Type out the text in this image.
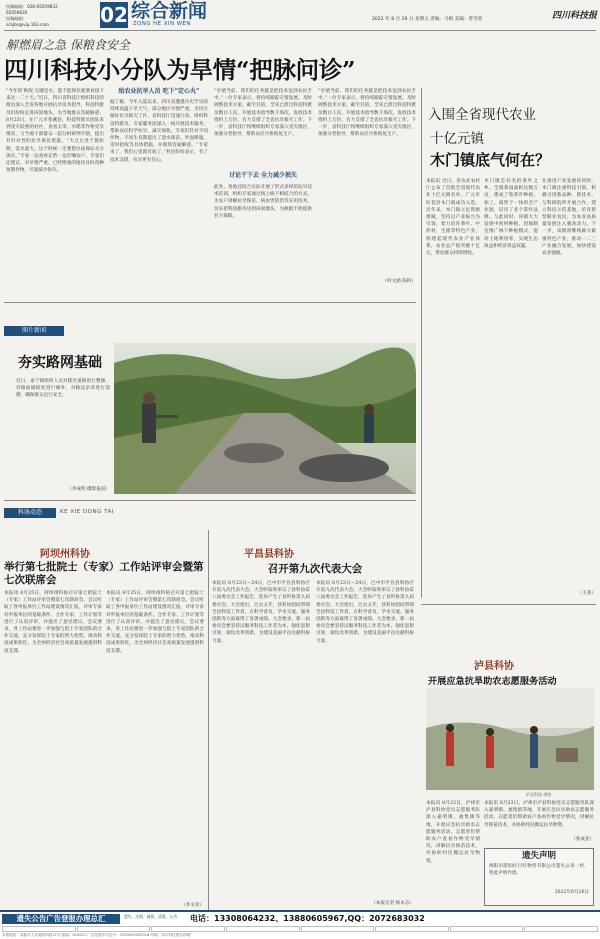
投稿邮箱：028-65059832 65059830
投稿邮箱：sckjbs@vip.163.com	02 综合新闻
ZONG HE XIN WEN
2022 年 8 月 26 日 星期五 责编：马梅 美编：曾雪瑶	四川科技报
解燃眉之急 保粮食安全
四川科技小分队为旱情“把脉问诊”
“今年的‘秋收’关键是水，能不能保住就要看接下来这一二十天。”近日，四川省科技厅组织科技特派员深入全省各地开展抗旱技术指导，科技特派员们纷纷走进田间地头，为当地群众答疑解惑。8月23日，在广元市苍溪县，科技特派员团队来到受灾较重的村社，查看玉米、水稻等作物受旱情况，与当地干部群众一起分析研判灾情，提出有针对性的抗旱保苗措施。“大豆正处于鼓粒期，需水量大，这个时候一定要想办法保证水分供应。”专家一边查看长势一边叮嘱农户。专家们还建议，对旱情严重、已经绝收的地块及时改种短期作物，尽量减少损失。
给农业抗旱人员 吃下“定心丸”
据了解，今年入夏以来，四川省遭遇历史罕见的持续高温干旱天气，部分地区旱情严重。为切实做好抗旱救灾工作，省科技厅迅速行动，组织科技特派员、专家服务团深入一线开展技术服务，帮助农民科学抗旱、减灾保收。专家们针对不同作物、不同生育期提出了浇水保苗、叶面喷施、适时抢收等具体措施，并现场答疑解惑。“专家来了，我们心里就有底了。”村民纷纷表示，有了技术支撑，抗旱更有信心。
“旱情当前，我们的任务就是把技术送到农民手中。”一位专家表示，将持续跟踪灾情发展，及时调整技术方案。截至目前，全省已派出科技特派员数百人次，开展技术指导数千场次，发放技术资料上万份，有力支撑了全省抗旱救灾工作。下一步，省科技厅将继续组织专家深入受灾地区，加强分类指导，帮助农民尽快恢复生产。
讨论干下去 全力减少损失
此外，各地还结合实际开展了形式多样的抗旱技术培训，组织专家通过线上线下相结合的方式，为农户讲解抗旱保苗、病虫害防治等实用技术，切实把科技服务送到田间地头，为秋粮丰收提供有力保障。
“旱情当前，我们的任务就是把技术送到农民手中。”一位专家表示，将持续跟踪灾情发展，及时调整技术方案。截至目前，全省已派出科技特派员数百人次，开展技术指导数千场次，发放技术资料上万份，有力支撑了全省抗旱救灾工作。下一步，省科技厅将继续组织专家深入受灾地区，加强分类指导，帮助农民尽快恢复生产。
（何文涵 陈科）
图片新闻
夯实路网基础
近日，泰宁镇组织人员对辖区道路进行整修，对路面破损处进行修补，对路边杂草进行清理，确保群众出行安全。
（李成明 摄影报道）
科协动态	KE XIE DONG TAI
阿坝州科协
举行第七批院士（专家）工作站评审会暨第七次联席会
本报讯 8月25日，阿坝州科协召开第七批院士（专家）工作站评审会暨第七次联席会。会议听取了各申报单位工作站建设情况汇报，评审专家对申报单位的基础条件、合作专家、工作计划等进行了认真评审，并提出了意见建议。会议要求，各工作站要进一步加强与院士专家团队的合作交流，充分发挥院士专家的智力优势，推动科技成果转化，为全州经济社会高质量发展提供科技支撑。
本报讯 8月25日，阿坝州科协召开第七批院士（专家）工作站评审会暨第七次联席会。会议听取了各申报单位工作站建设情况汇报，评审专家对申报单位的基础条件、合作专家、工作计划等进行了认真评审，并提出了意见建议。会议要求，各工作站要进一步加强与院士专家团队的合作交流，充分发挥院士专家的智力优势，推动科技成果转化，为全州经济社会高质量发展提供科技支撑。
（李文君）
平昌县科协
召开第九次代表大会
本报讯 8月23日—24日，巴中市平昌县科协召开第九次代表大会。大会听取和审议了县科协第八届委员会工作报告，选举产生了县科协第九届委员会。大会指出，过去五年，县科协团结带领全县科技工作者，在科学普及、学术交流、服务创新等方面取得了显著成绩。大会要求，新一届委员会要坚持以服务科技工作者为本，强化思想引领，深化改革创新，为建设美丽平昌贡献科协力量。
本报讯 8月23日—24日，巴中市平昌县科协召开第九次代表大会。大会听取和审议了县科协第八届委员会工作报告，选举产生了县科协第九届委员会。大会指出，过去五年，县科协团结带领全县科技工作者，在科学普及、学术交流、服务创新等方面取得了显著成绩。大会要求，新一届委员会要坚持以服务科技工作者为本，强化思想引领，深化改革创新，为建设美丽平昌贡献科协力量。
（本报记者 杨永志）
入围全省现代农业
十亿元镇
木门镇底气何在？
本报讯 近日，省农业农村厅公布了首批全省现代农业十亿元镇名单，广元市旺苍县木门镇成功入选。近年来，木门镇立足资源禀赋，坚持以产业振兴为引领，着力培育茶叶、中药材、生猪等特色产业，构建起现代农业产业体系，农业总产值突破十亿元，带动群众持续增收。
木门镇是有名的茶叶之乡。全镇茶园面积达数万亩，建成了集茶叶种植、加工、销售于一体的全产业链，培育了多个茶叶品牌。与此同时，该镇大力发展中药材种植，因地制宜推广林下种植模式，提高土地利用率，实现生态效益和经济效益双赢。
在推进产业发展的同时，木门镇注重科技引领，积极引进新品种、新技术，与科研院所开展合作，建立科技示范基地，培育新型职业农民，为农业高质量发展注入强劲动力。下一步，该镇将继续做大做强特色产业，推动一二三产业融合发展，加快建设农业强镇。
（王菁）
泸县科协
开展应急抗旱助农志愿服务活动
泸县科协 供图
本报讯 8月23日，泸州市泸县科协党员志愿服务队深入嘉明镇、福集镇等地，开展应急抗旱助农志愿服务活动。志愿者们帮助农户查看作物受旱情况，讲解抗旱保苗技术，并协助村民搬运抗旱物资。
本报讯 8月23日，泸州市泸县科协党员志愿服务队深入嘉明镇、福集镇等地，开展应急抗旱助农志愿服务活动。志愿者们帮助农户查看作物受旱情况，讲解抗旱保苗技术，并协助村民搬运抗旱物资。
（张成龙）
遗失声明
绵阳市游仙区巨旺物贸有限公司遗失公章一枚，特此声明作废。
2022年8月26日
遗失公告广告登报办理总汇	遗失、注销、减资、清算、公告	电话：13308064232、13880605967,QQ：2072683032
本报地址：成都市人民南路四段11号 邮编：610041 广告经营许可证号：5100004000016 印刷：四川科技报社印刷厂
